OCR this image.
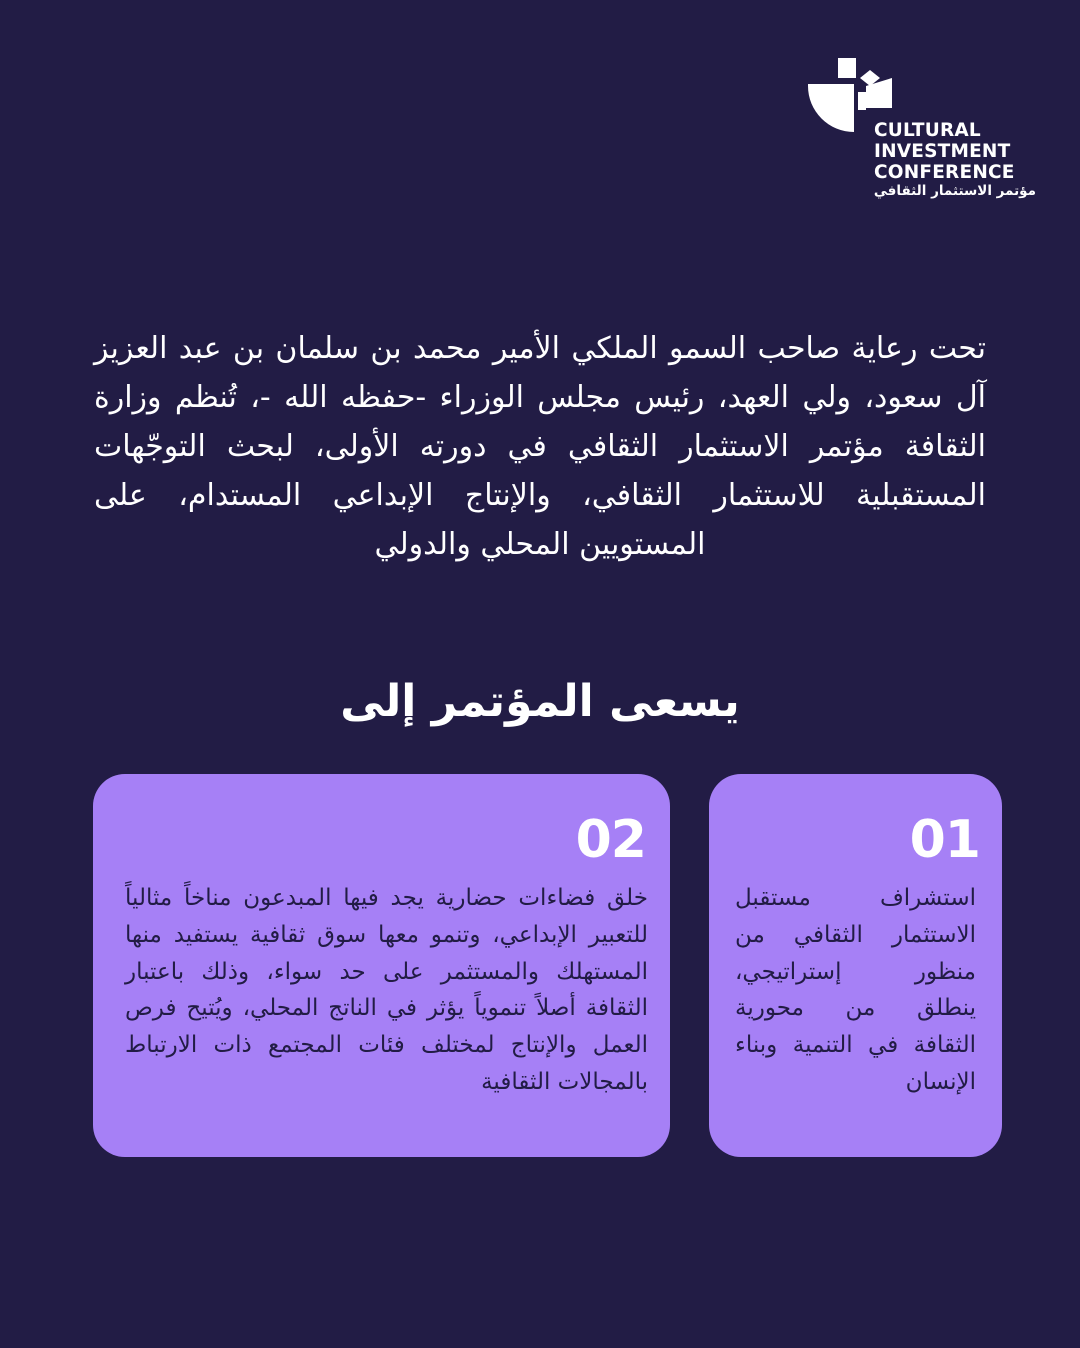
CULTURAL
INVESTMENT
CONFERENCE
مؤتمر الاستثمار الثقافي
تحت رعاية صاحب السمو الملكي الأمير محمد بن سلمان بن عبد العزيز آل سعود، ولي العهد، رئيس مجلس الوزراء -حفظه الله -، تُنظم وزارة الثقافة مؤتمر الاستثمار الثقافي في دورته الأولى، لبحث التوجّهات المستقبلية للاستثمار الثقافي، والإنتاج الإبداعي المستدام، على المستويين المحلي والدولي
يسعى المؤتمر إلى
01
استشراف مستقبل الاستثمار الثقافي من منظور إستراتيجي، ينطلق من محورية الثقافة في التنمية وبناء الإنسان
02
خلق فضاءات حضارية يجد فيها المبدعون مناخاً مثالياً للتعبير الإبداعي، وتنمو معها سوق ثقافية يستفيد منها المستهلك والمستثمر على حد سواء، وذلك باعتبار الثقافة أصلاً تنموياً يؤثر في الناتج المحلي، ويُتيح فرص العمل والإنتاج لمختلف فئات المجتمع ذات الارتباط بالمجالات الثقافية
